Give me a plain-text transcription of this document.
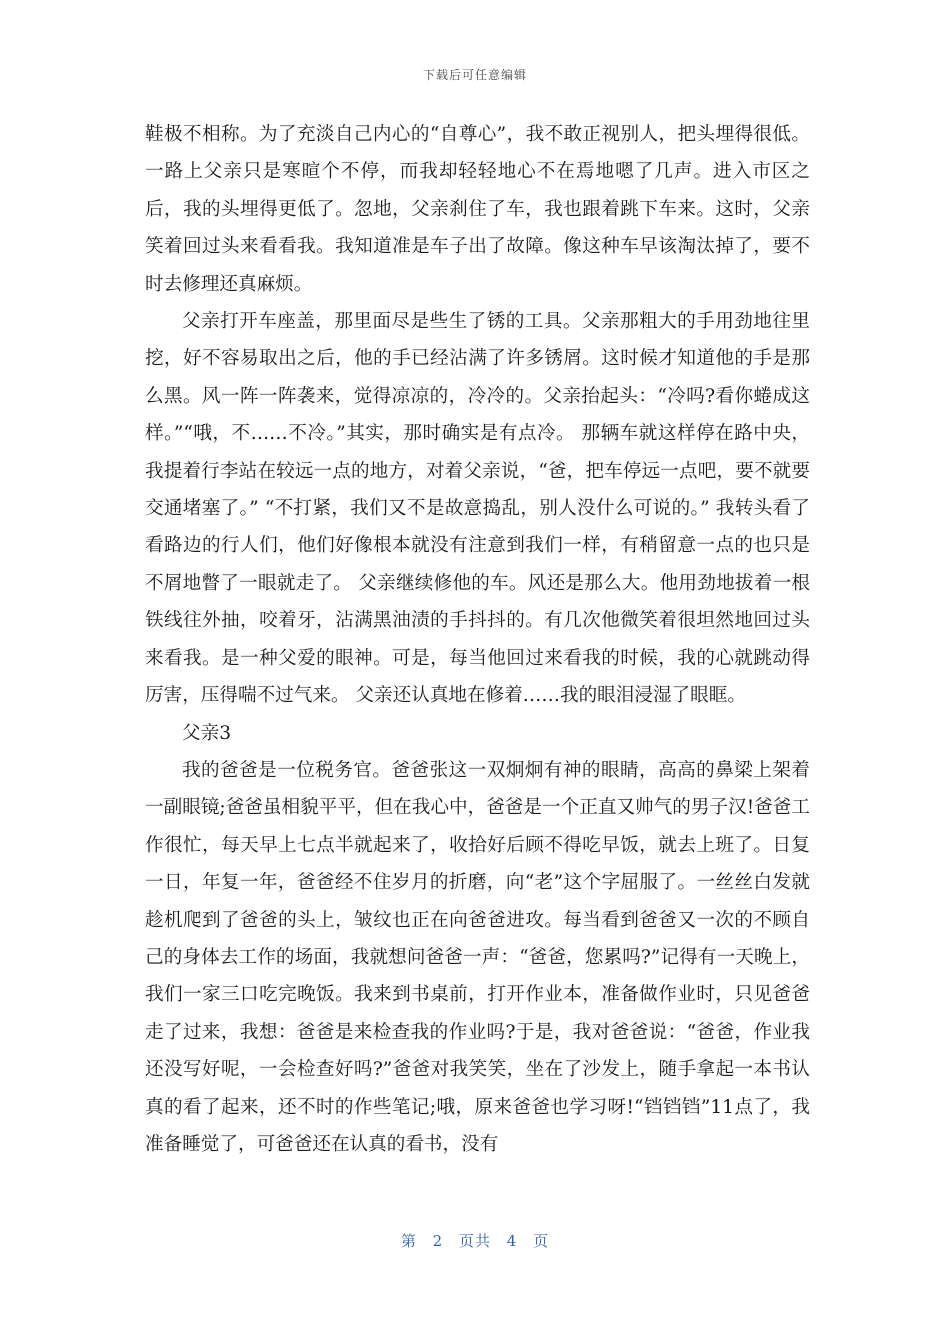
下载后可任意编辑

鞋极不相称。为了充淡自己内心的“自尊心”，我不敢正视别人，把头埋得很低。一路上父亲只是寒暄个不停，而我却轻轻地心不在焉地嗯了几声。进入市区之后，我的头埋得更低了。忽地，父亲刹住了车，我也跟着跳下车来。这时，父亲笑着回过头来看看我。我知道准是车子出了故障。像这种车早该淘汰掉了，要不时去修理还真麻烦。

父亲打开车座盖，那里面尽是些生了锈的工具。父亲那粗大的手用劲地往里挖，好不容易取出之后，他的手已经沾满了许多锈屑。这时候才知道他的手是那么黑。风一阵一阵袭来，觉得凉凉的，冷冷的。父亲抬起头：“冷吗?看你蜷成这样。”“哦，不……不冷。”其实，那时确实是有点冷。 那辆车就这样停在路中央， 我提着行李站在较远一点的地方，对着父亲说，“爸，把车停远一点吧，要不就要交通堵塞了。” “不打紧，我们又不是故意捣乱，别人没什么可说的。” 我转头看了看路边的行人们，他们好像根本就没有注意到我们一样，有稍留意一点的也只是不屑地瞥了一眼就走了。 父亲继续修他的车。风还是那么大。他用劲地拔着一根铁线往外抽，咬着牙，沾满黑油渍的手抖抖的。有几次他微笑着很坦然地回过头来看我。是一种父爱的眼神。可是，每当他回过来看我的时候，我的心就跳动得厉害，压得喘不过气来。 父亲还认真地在修着……我的眼泪浸湿了眼眶。

父亲3

我的爸爸是一位税务官。爸爸张这一双炯炯有神的眼睛，高高的鼻梁上架着一副眼镜;爸爸虽相貌平平，但在我心中，爸爸是一个正直又帅气的男子汉!爸爸工作很忙，每天早上七点半就起来了，收拾好后顾不得吃早饭，就去上班了。日复一日，年复一年，爸爸经不住岁月的折磨，向“老”这个字屈服了。一丝丝白发就趁机爬到了爸爸的头上，皱纹也正在向爸爸进攻。每当看到爸爸又一次的不顾自己的身体去工作的场面，我就想问爸爸一声：“爸爸，您累吗?”记得有一天晚上，我们一家三口吃完晚饭。我来到书桌前，打开作业本，准备做作业时，只见爸爸走了过来，我想：爸爸是来检查我的作业吗?于是，我对爸爸说：“爸爸，作业我还没写好呢，一会检查好吗?”爸爸对我笑笑，坐在了沙发上，随手拿起一本书认真的看了起来，还不时的作些笔记;哦，原来爸爸也学习呀!“铛铛铛”11点了，我准备睡觉了，可爸爸还在认真的看书，没有

第 2 页共 4 页
